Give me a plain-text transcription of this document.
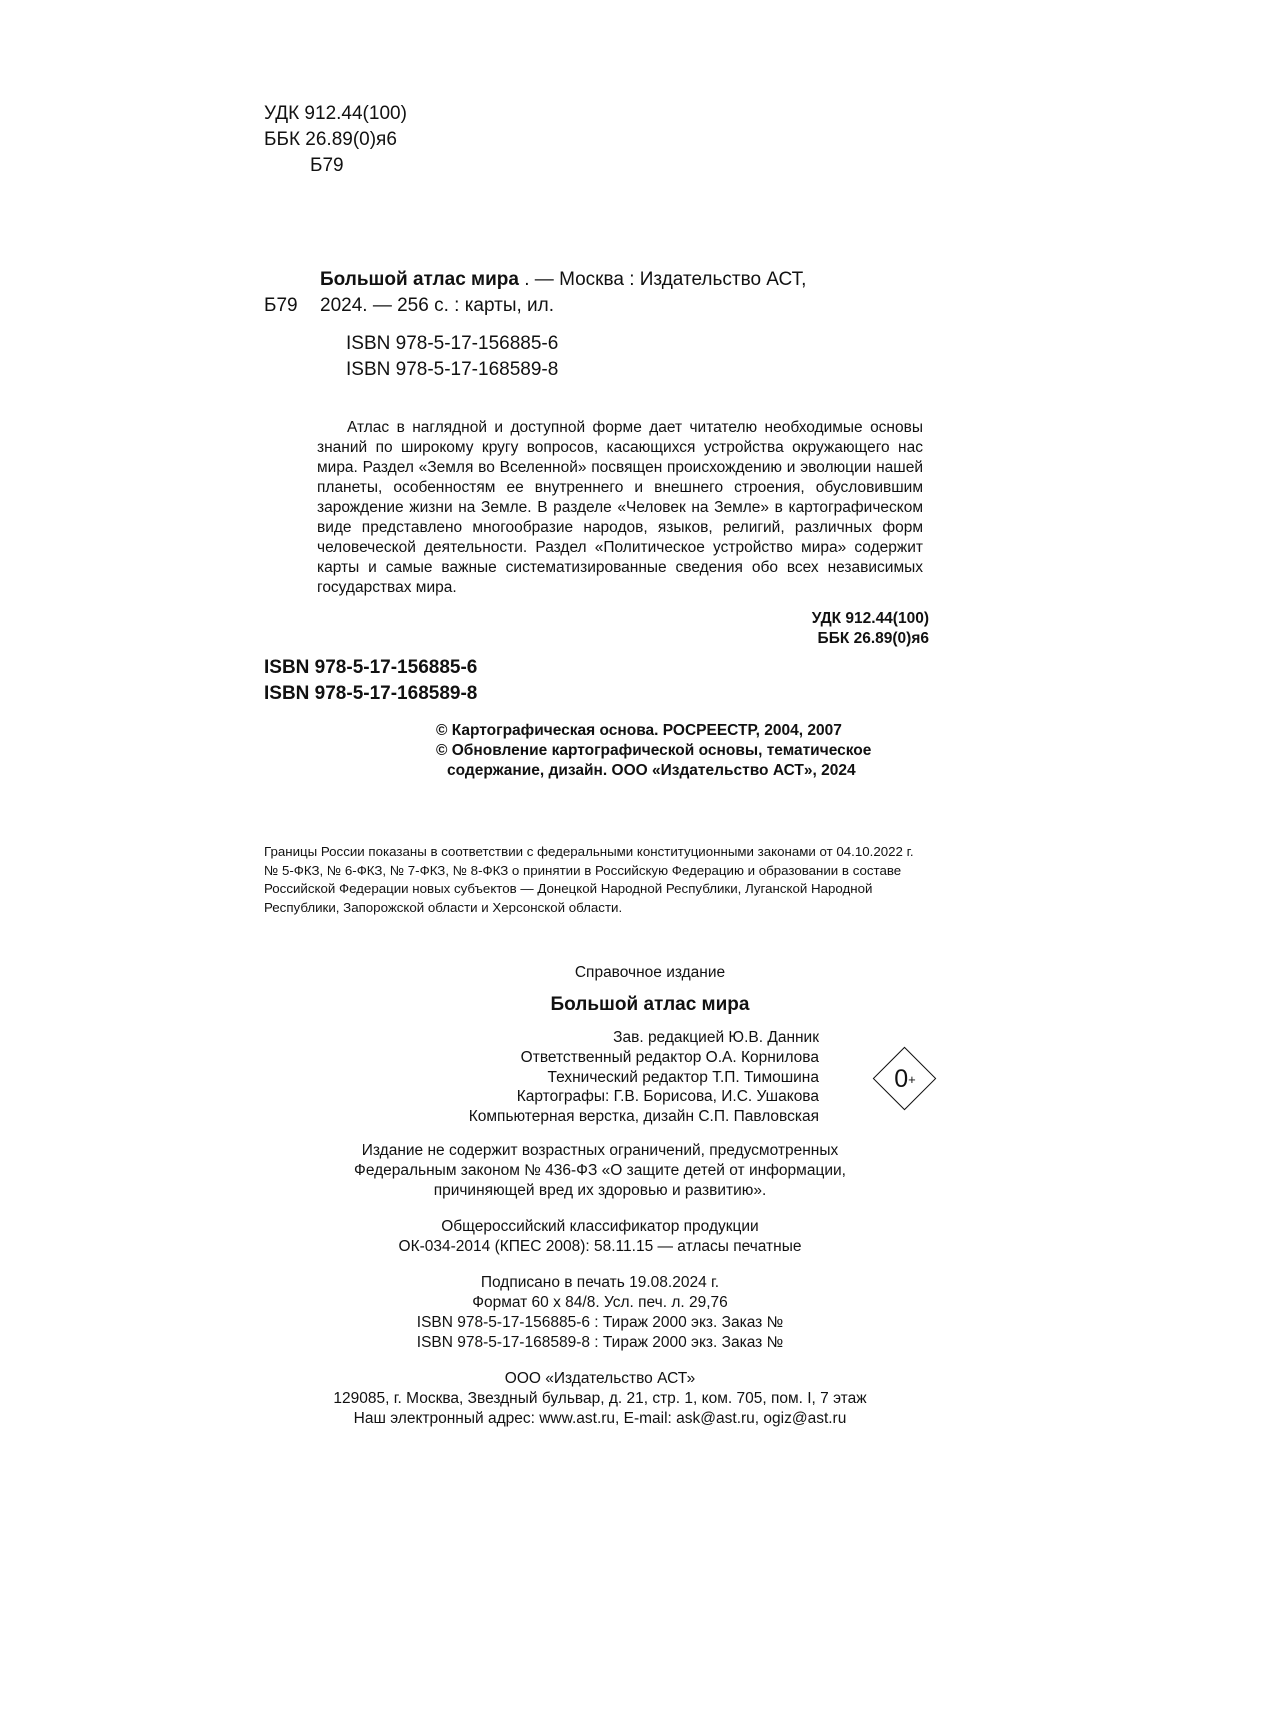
УДК 912.44(100)
ББК 26.89(0)я6
Б79
Большой атлас мира . — Москва : Издательство АСТ,
2024. — 256 с. : карты, ил.
Б79
ISBN 978-5-17-156885-6
ISBN 978-5-17-168589-8
Атлас в наглядной и доступной форме дает читателю необходимые основы знаний по широкому кругу вопросов, касающихся устройства окружающего нас мира. Раздел «Земля во Вселенной» посвящен происхождению и эволюции нашей планеты, особенностям ее внутреннего и внешнего строения, обусловившим зарождение жизни на Земле. В разделе «Человек на Земле» в картографическом виде представлено многообразие народов, языков, религий, различных форм человеческой деятельности. Раздел «Политическое устройство мира» содержит карты и самые важные систематизированные сведения обо всех независимых государствах мира.
УДК 912.44(100)
ББК 26.89(0)я6
ISBN 978-5-17-156885-6
ISBN 978-5-17-168589-8
© Картографическая основа. РОСРЕЕСТР, 2004, 2007
© Обновление картографической основы, тематическое
содержание, дизайн. ООО «Издательство АСТ», 2024
Границы России показаны в соответствии с федеральными конституционными законами от 04.10.2022 г.
№ 5-ФКЗ, № 6-ФКЗ, № 7-ФКЗ, № 8-ФКЗ о принятии в Российскую Федерацию и образовании в составе
Российской Федерации новых субъектов — Донецкой Народной Республики, Луганской Народной
Республики, Запорожской области и Херсонской области.
Справочное издание
Большой атлас мира
Зав. редакцией Ю.В. Данник
Ответственный редактор О.А. Корнилова
Технический редактор Т.П. Тимошина
Картографы: Г.В. Борисова, И.С. Ушакова
Компьютерная верстка, дизайн С.П. Павловская
0 +
Издание не содержит возрастных ограничений, предусмотренных
Федеральным законом № 436-ФЗ «О защите детей от информации,
причиняющей вред их здоровью и развитию».
Общероссийский классификатор продукции
ОК-034-2014 (КПЕС 2008): 58.11.15 — атласы печатные
Подписано в печать 19.08.2024 г.
Формат 60 x 84/8. Усл. печ. л. 29,76
ISBN 978-5-17-156885-6 : Тираж 2000 экз. Заказ №
ISBN 978-5-17-168589-8 : Тираж 2000 экз. Заказ №
ООО «Издательство АСТ»
129085, г. Москва, Звездный бульвар, д. 21, стр. 1, ком. 705, пом. I, 7 этаж
Наш электронный адрес: www.ast.ru, E-mail: ask@ast.ru, ogiz@ast.ru
